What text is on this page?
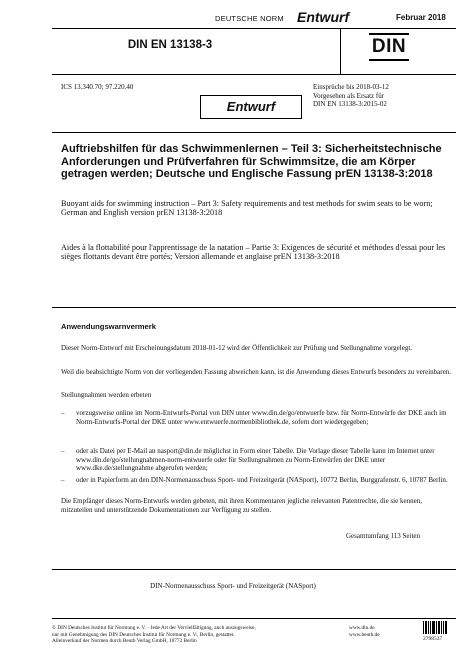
DEUTSCHE NORM Entwurf	Februar 2018
DIN EN 13138-3	DIN
ICS 13.340.70; 97.220.40	Einsprüche bis 2018-03-12
Vorgesehen als Ersatz für
DIN EN 13138-3:2015-02
Entwurf
Auftriebshilfen für das Schwimmenlernen – Teil 3: Sicherheitstechnische Anforderungen und Prüfverfahren für Schwimmsitze, die am Körper getragen werden; Deutsche und Englische Fassung prEN 13138-3:2018
Buoyant aids for swimming instruction – Part 3: Safety requirements and test methods for swim seats to be worn; German and English version prEN 13138-3:2018
Aides à la flottabilité pour l'apprentissage de la natation – Partie 3: Exigences de sécurité et méthodes d'essai pour les sièges flottants devant être portés; Version allemande et anglaise prEN 13138-3:2018
Anwendungswarnvermerk
Dieser Norm-Entwurf mit Erscheinungsdatum 2018-01-12 wird der Öffentlichkeit zur Prüfung und Stellungnahme vorgelegt.
Weil die beabsichtigte Norm von der vorliegenden Fassung abweichen kann, ist die Anwendung dieses Entwurfs besonders zu vereinbaren.
Stellungnahmen werden erbeten
– vorzugsweise online im Norm-Entwurfs-Portal von DIN unter www.din.de/go/entwuerfe bzw. für Norm-Entwürfe der DKE auch im Norm-Entwurfs-Portal der DKE unter www.entwuerfe.normenbibliothek.de, sofern dort wiedergegeben;
– oder als Datei per E-Mail an nasport@din.de möglichst in Form einer Tabelle. Die Vorlage dieser Tabelle kann im Internet unter www.din.de/go/stellungnahmen-norm-entwuerfe oder für Stellungnahmen zu Norm-Entwürfen der DKE unter www.dke.de/stellungnahme abgerufen werden;
– oder in Papierform an den DIN-Normenausschuss Sport- und Freizeitgerät (NASport), 10772 Berlin, Burggrafenstr. 6, 10787 Berlin.
Die Empfänger dieses Norm-Entwurfs werden gebeten, mit ihren Kommentaren jegliche relevanten Patentrechte, die sie kennen, mitzuteilen und unterstützende Dokumentationen zur Verfügung zu stellen.
Gesamtumfang 113 Seiten
DIN-Normenausschuss Sport- und Freizeitgerät (NASport)
© DIN Deutsches Institut für Normung e. V. · Jede Art der Vervielfältigung, auch auszugsweise,
nur mit Genehmigung des DIN Deutsches Institut für Normung e. V., Berlin, gestattet.
Alleinverkauf der Normen durch Beuth Verlag GmbH, 10772 Berlin
www.din.de
www.beuth.de
2798537
